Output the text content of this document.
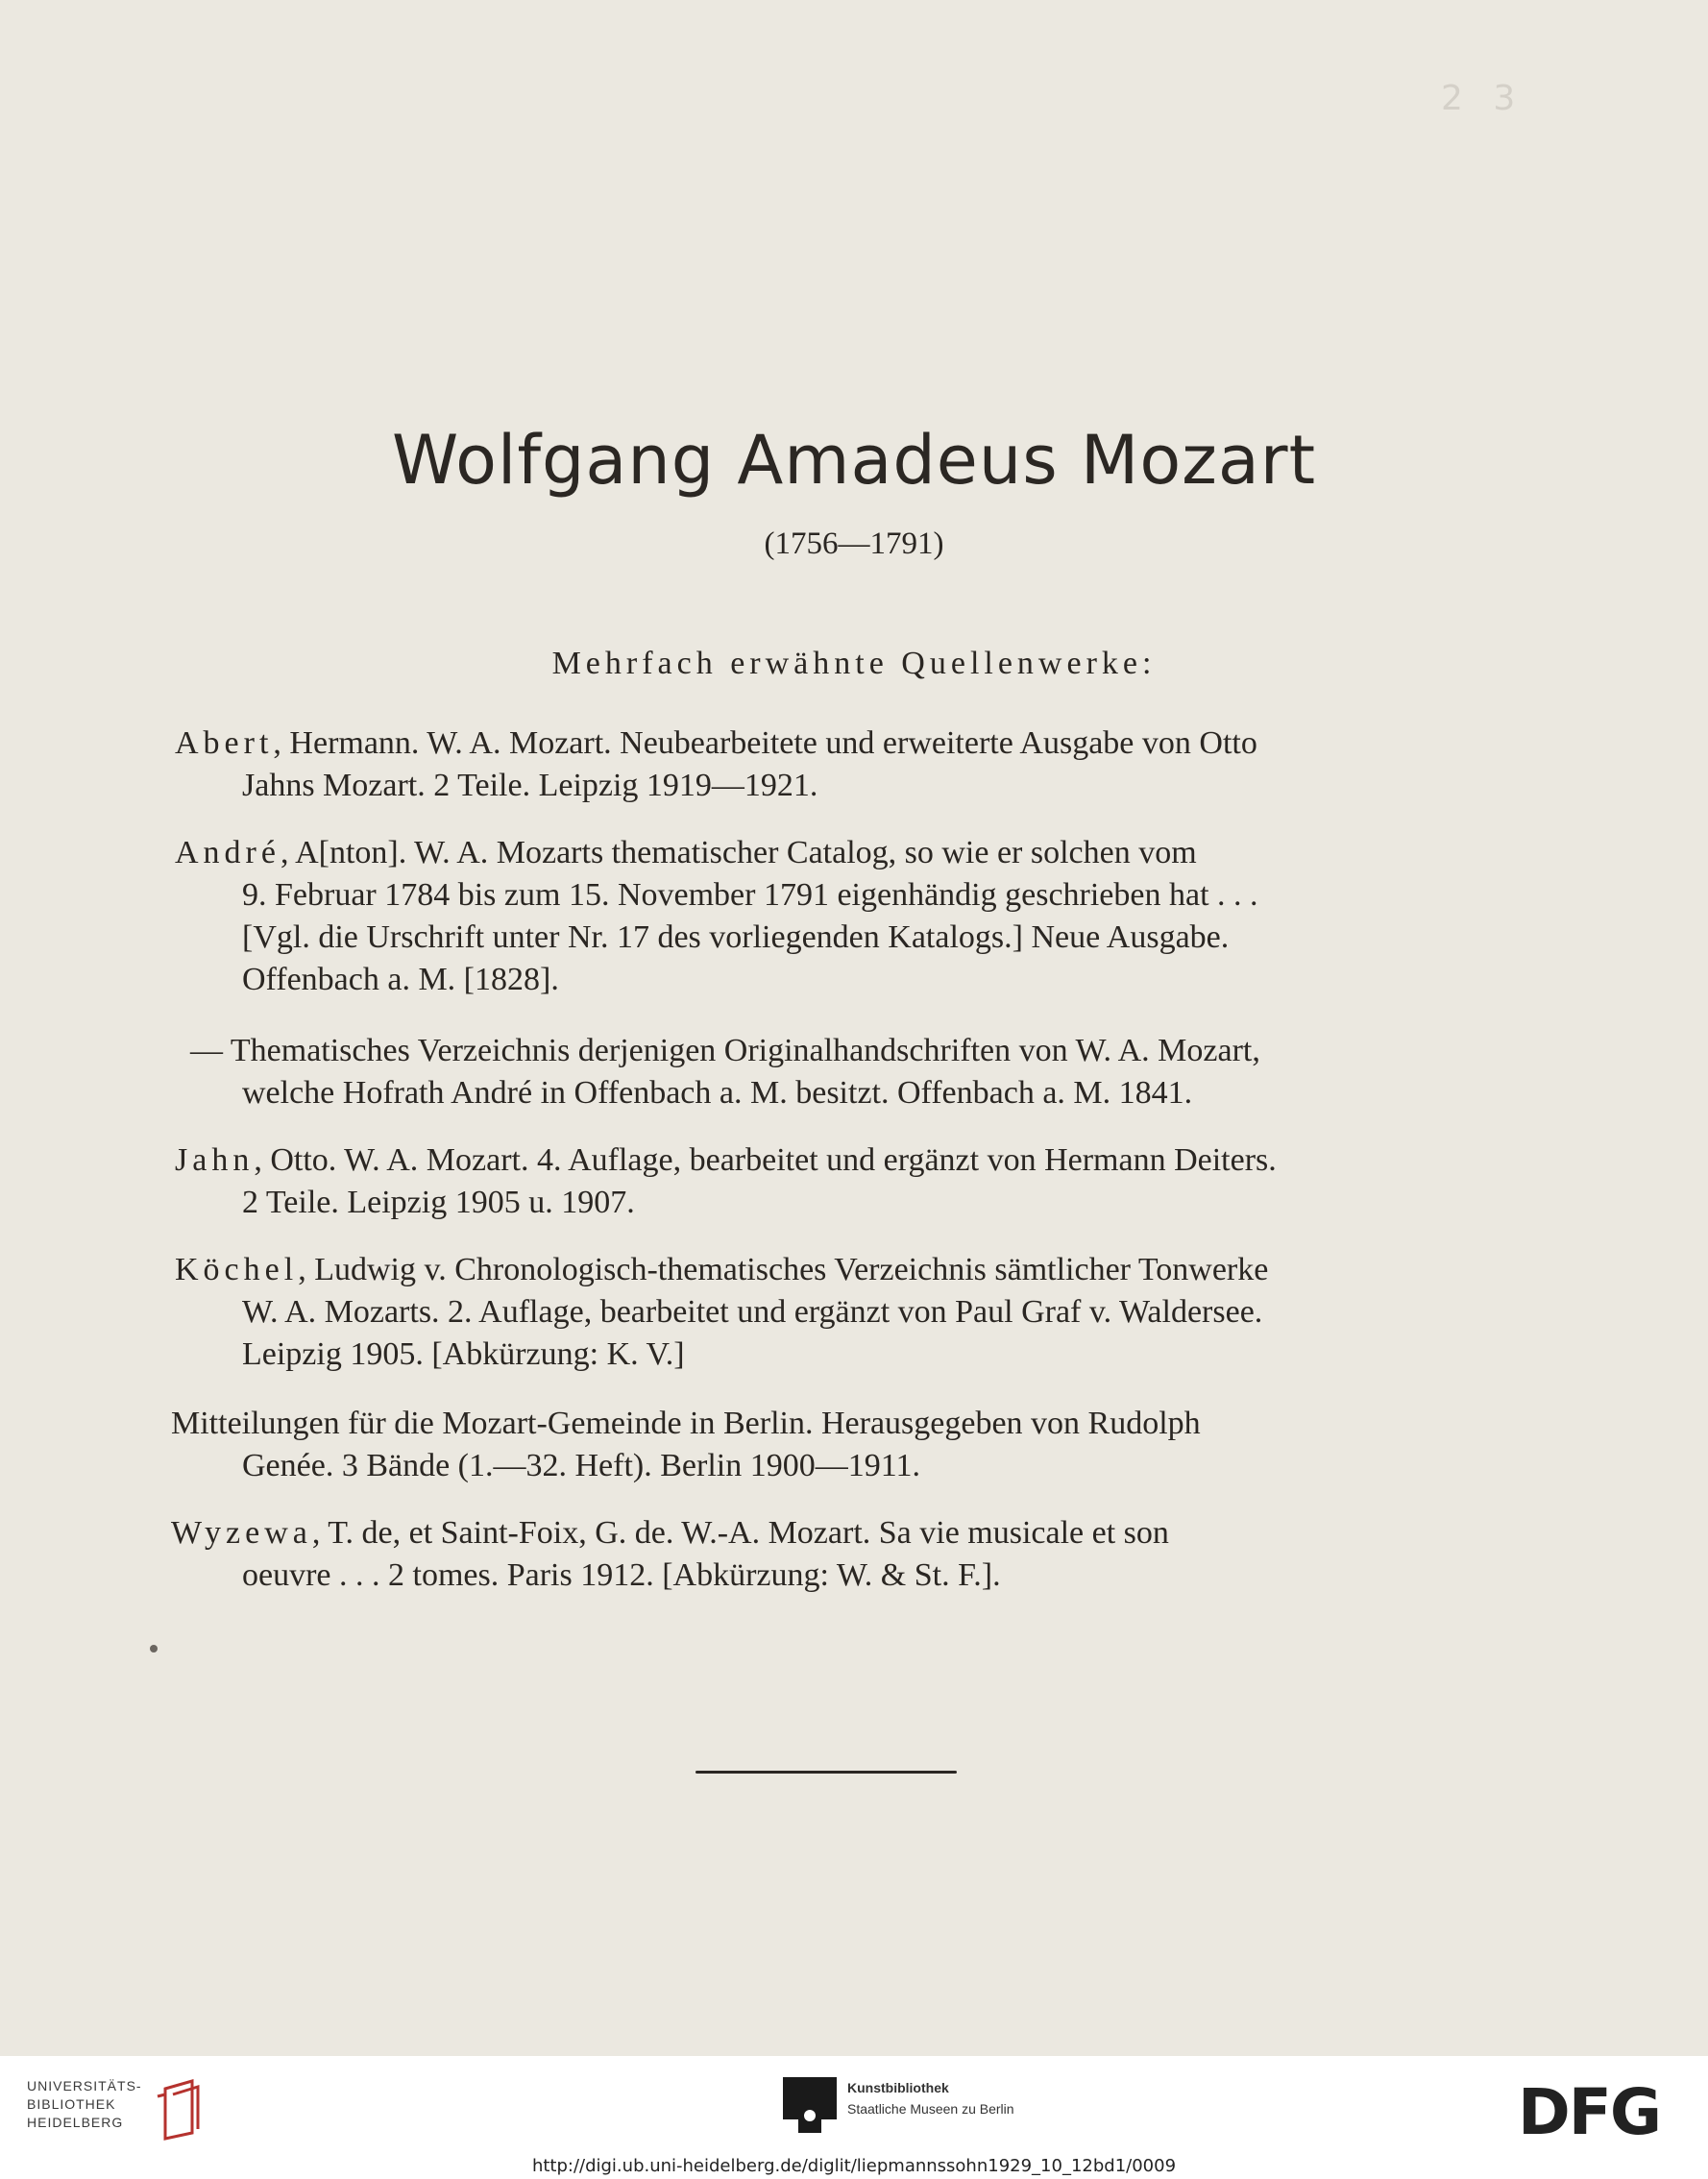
2 3
Wolfgang Amadeus Mozart
(1756—1791)
Mehrfach erwähnte Quellenwerke:
Abert, Hermann. W. A. Mozart. Neubearbeitete und erweiterte Ausgabe von Otto
Jahns Mozart. 2 Teile. Leipzig 1919—1921.
André, A[nton]. W. A. Mozarts thematischer Catalog, so wie er solchen vom
9. Februar 1784 bis zum 15. November 1791 eigenhändig geschrieben hat . . .
[Vgl. die Urschrift unter Nr. 17 des vorliegenden Katalogs.] Neue Ausgabe.
Offenbach a. M. [1828].
— Thematisches Verzeichnis derjenigen Originalhandschriften von W. A. Mozart,
welche Hofrath André in Offenbach a. M. besitzt. Offenbach a. M. 1841.
Jahn, Otto. W. A. Mozart. 4. Auflage, bearbeitet und ergänzt von Hermann Deiters.
2 Teile. Leipzig 1905 u. 1907.
Köchel, Ludwig v. Chronologisch-thematisches Verzeichnis sämtlicher Tonwerke
W. A. Mozarts. 2. Auflage, bearbeitet und ergänzt von Paul Graf v. Waldersee.
Leipzig 1905. [Abkürzung: K. V.]
Mitteilungen für die Mozart-Gemeinde in Berlin. Herausgegeben von Rudolph
Genée. 3 Bände (1.—32. Heft). Berlin 1900—1911.
Wyzewa, T. de, et Saint-Foix, G. de. W.-A. Mozart. Sa vie musicale et son
oeuvre . . . 2 tomes. Paris 1912. [Abkürzung: W. & St. F.].
UNIVERSITÄTS-
BIBLIOTHEK
HEIDELBERG
Kunstbibliothek
Staatliche Museen zu Berlin	DFG
http://digi.ub.uni-heidelberg.de/diglit/liepmannssohn1929_10_12bd1/0009
